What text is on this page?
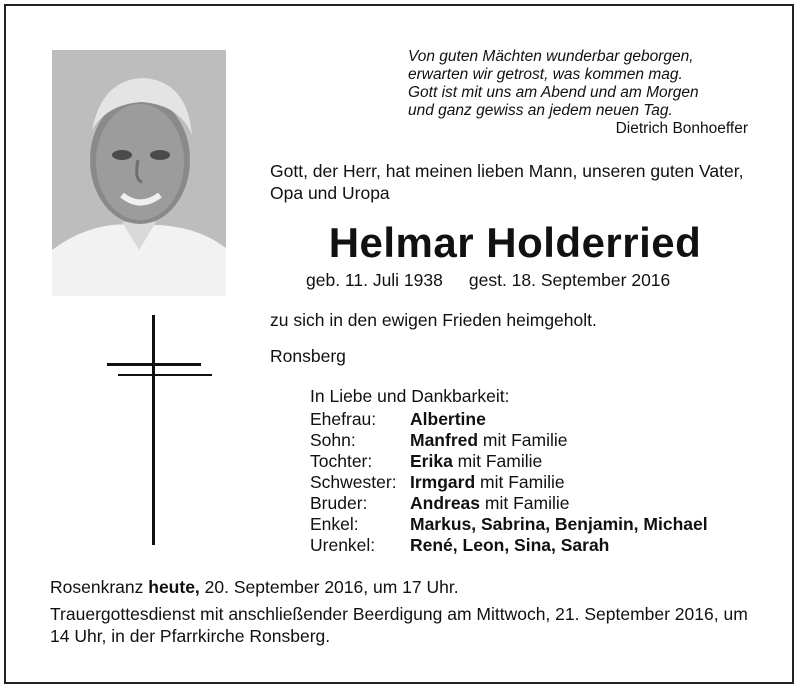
Von guten Mächten wunderbar geborgen,
erwarten wir getrost, was kommen mag.
Gott ist mit uns am Abend und am Morgen
und ganz gewiss an jedem neuen Tag.
Dietrich Bonhoeffer
Gott, der Herr, hat meinen lieben Mann, unseren guten Vater, Opa und Uropa
Helmar Holderried
geb. 11. Juli 1938 gest. 18. September 2016
zu sich in den ewigen Frieden heimgeholt.
Ronsberg
In Liebe und Dankbarkeit:
Ehefrau:	Albertine
Sohn:	Manfred mit Familie
Tochter:	Erika mit Familie
Schwester:	Irmgard mit Familie
Bruder:	Andreas mit Familie
Enkel:	Markus, Sabrina, Benjamin, Michael
Urenkel:	René, Leon, Sina, Sarah
Rosenkranz heute, 20. September 2016, um 17 Uhr.
Trauergottesdienst mit anschließender Beerdigung am Mittwoch, 21. September 2016, um 14 Uhr, in der Pfarrkirche Ronsberg.
